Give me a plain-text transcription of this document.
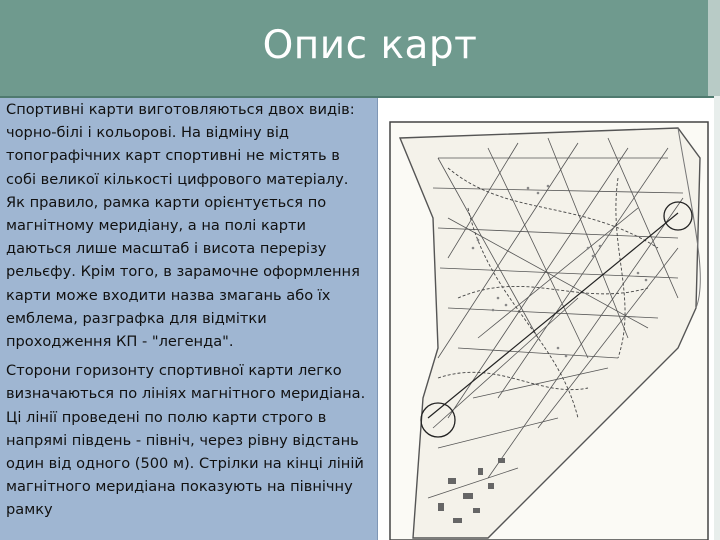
Опис карт

Спортивні карти виготовляються двох видів: чорно-білі і кольорові. На відміну від топографічних карт спортивні не містять в собі великої кількості цифрового матеріалу. Як правило, рамка карти орієнтується по магнітному меридіану, а на полі карти даються лише масштаб і висота перерізу рельєфу. Крім того, в зарамочне оформлення карти може входити назва змагань або їх емблема, разграфка для відмітки проходження КП - "легенда".

Сторони горизонту спортивної карти легко визначаються по лініях магнітного меридіана. Ці лінії проведені по полю карти строго в напрямі південь - північ, через рівну відстань один від одного (500 м). Стрілки на кінці ліній магнітного меридіана показують на північну рамку
